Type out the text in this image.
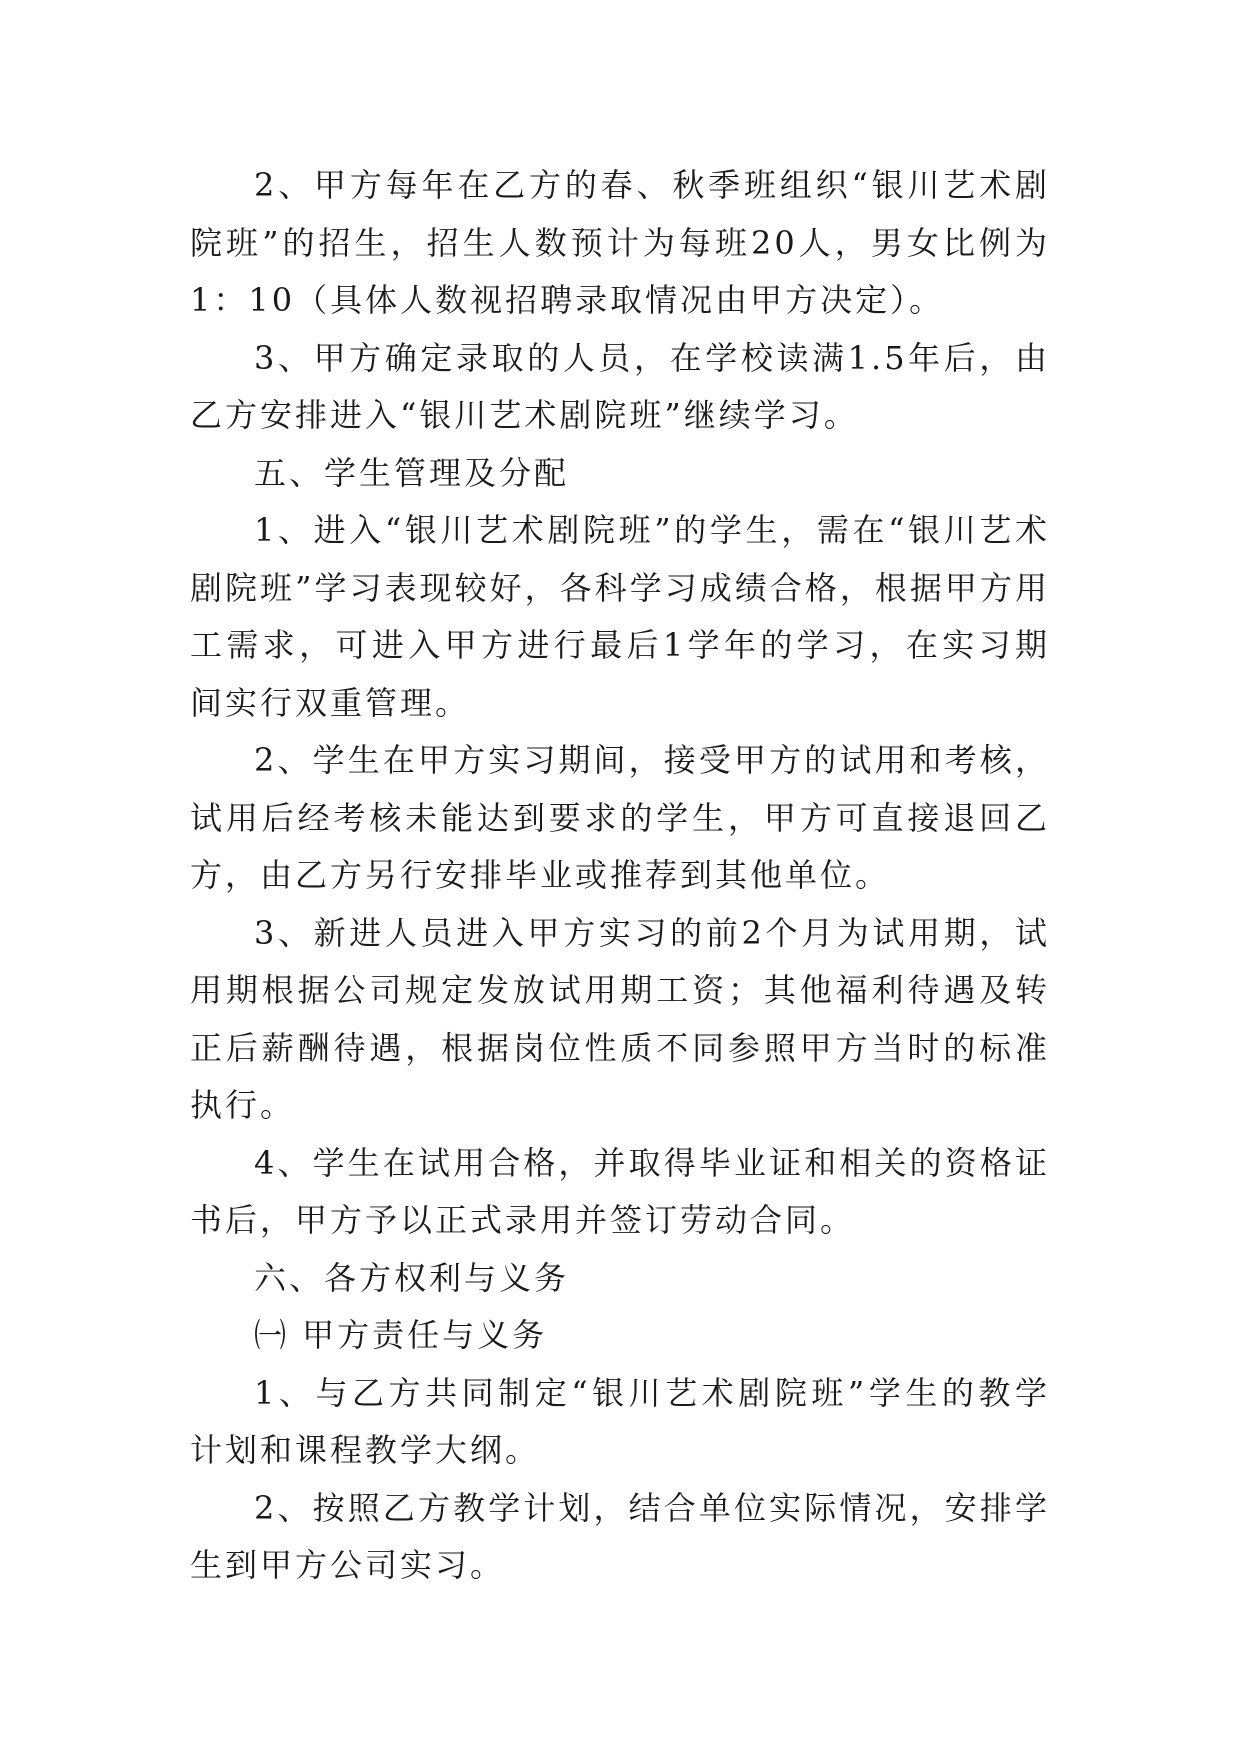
2、甲方每年在乙方的春、秋季班组织“银川艺术剧院班”的招生，招生人数预计为每班20人，男女比例为1：10（具体人数视招聘录取情况由甲方决定）。

3、甲方确定录取的人员，在学校读满1.5年后，由乙方安排进入“银川艺术剧院班”继续学习。

五、学生管理及分配

1、进入“银川艺术剧院班”的学生，需在“银川艺术剧院班”学习表现较好，各科学习成绩合格，根据甲方用工需求，可进入甲方进行最后1学年的学习，在实习期间实行双重管理。

2、学生在甲方实习期间，接受甲方的试用和考核，试用后经考核未能达到要求的学生，甲方可直接退回乙方，由乙方另行安排毕业或推荐到其他单位。

3、新进人员进入甲方实习的前2个月为试用期，试用期根据公司规定发放试用期工资；其他福利待遇及转正后薪酬待遇，根据岗位性质不同参照甲方当时的标准执行。

4、学生在试用合格，并取得毕业证和相关的资格证书后，甲方予以正式录用并签订劳动合同。

六、各方权利与义务

㈠ 甲方责任与义务

1、与乙方共同制定“银川艺术剧院班”学生的教学计划和课程教学大纲。

2、按照乙方教学计划，结合单位实际情况，安排学生到甲方公司实习。
